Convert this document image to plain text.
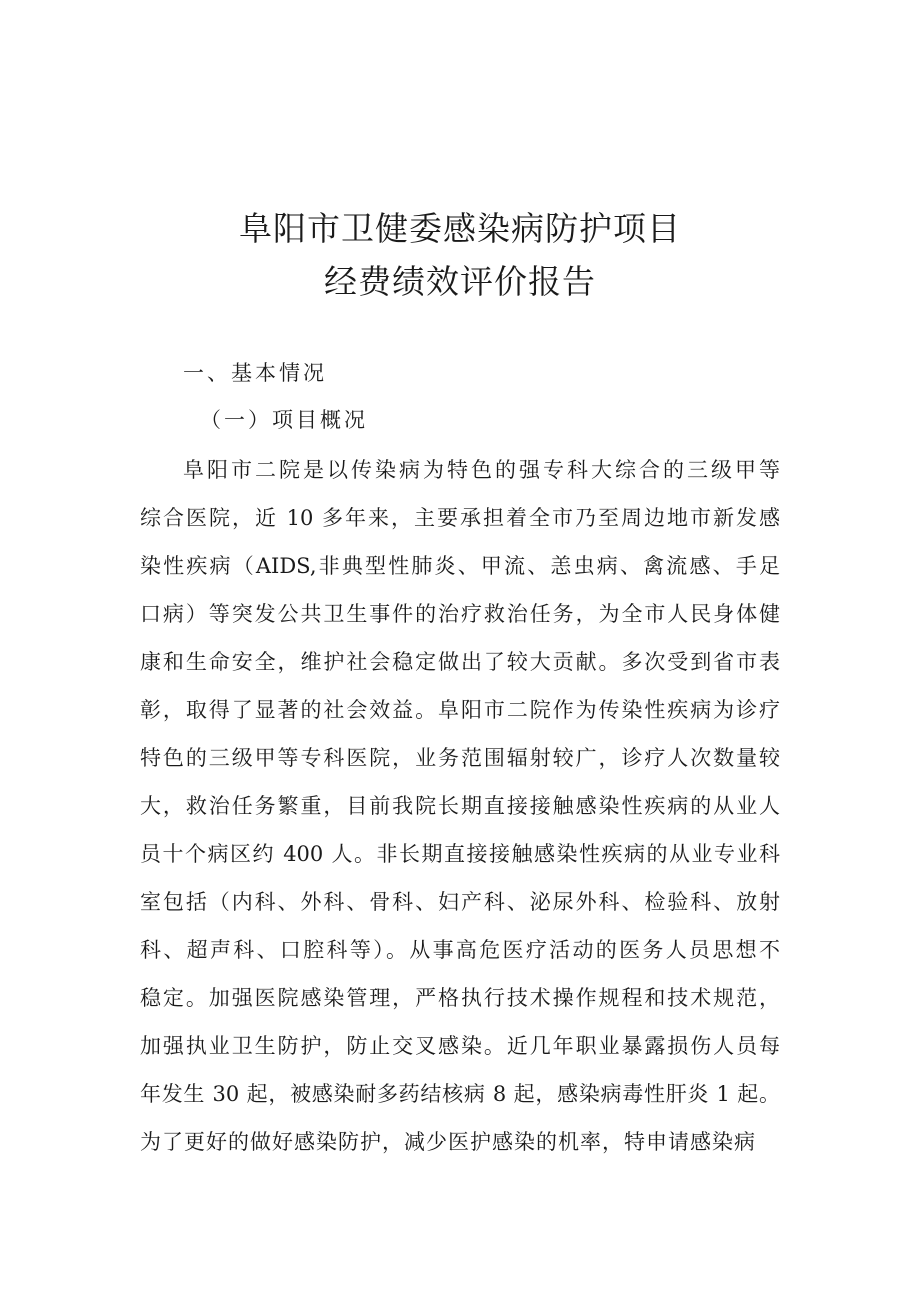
阜阳市卫健委感染病防护项目
经费绩效评价报告
一、基本情况
（一）项目概况
阜阳市二院是以传染病为特色的强专科大综合的三级甲等
综合医院，近 10 多年来，主要承担着全市乃至周边地市新发感
染性疾病（AIDS,非典型性肺炎、甲流、恙虫病、禽流感、手足
口病）等突发公共卫生事件的治疗救治任务，为全市人民身体健
康和生命安全，维护社会稳定做出了较大贡献。多次受到省市表
彰，取得了显著的社会效益。阜阳市二院作为传染性疾病为诊疗
特色的三级甲等专科医院，业务范围辐射较广，诊疗人次数量较
大，救治任务繁重，目前我院长期直接接触感染性疾病的从业人
员十个病区约 400 人。非长期直接接触感染性疾病的从业专业科
室包括（内科、外科、骨科、妇产科、泌尿外科、检验科、放射
科、超声科、口腔科等）。从事高危医疗活动的医务人员思想不
稳定。加强医院感染管理，严格执行技术操作规程和技术规范，
加强执业卫生防护，防止交叉感染。近几年职业暴露损伤人员每
年发生 30 起，被感染耐多药结核病 8 起，感染病毒性肝炎 1 起。
为了更好的做好感染防护，减少医护感染的机率，特申请感染病
